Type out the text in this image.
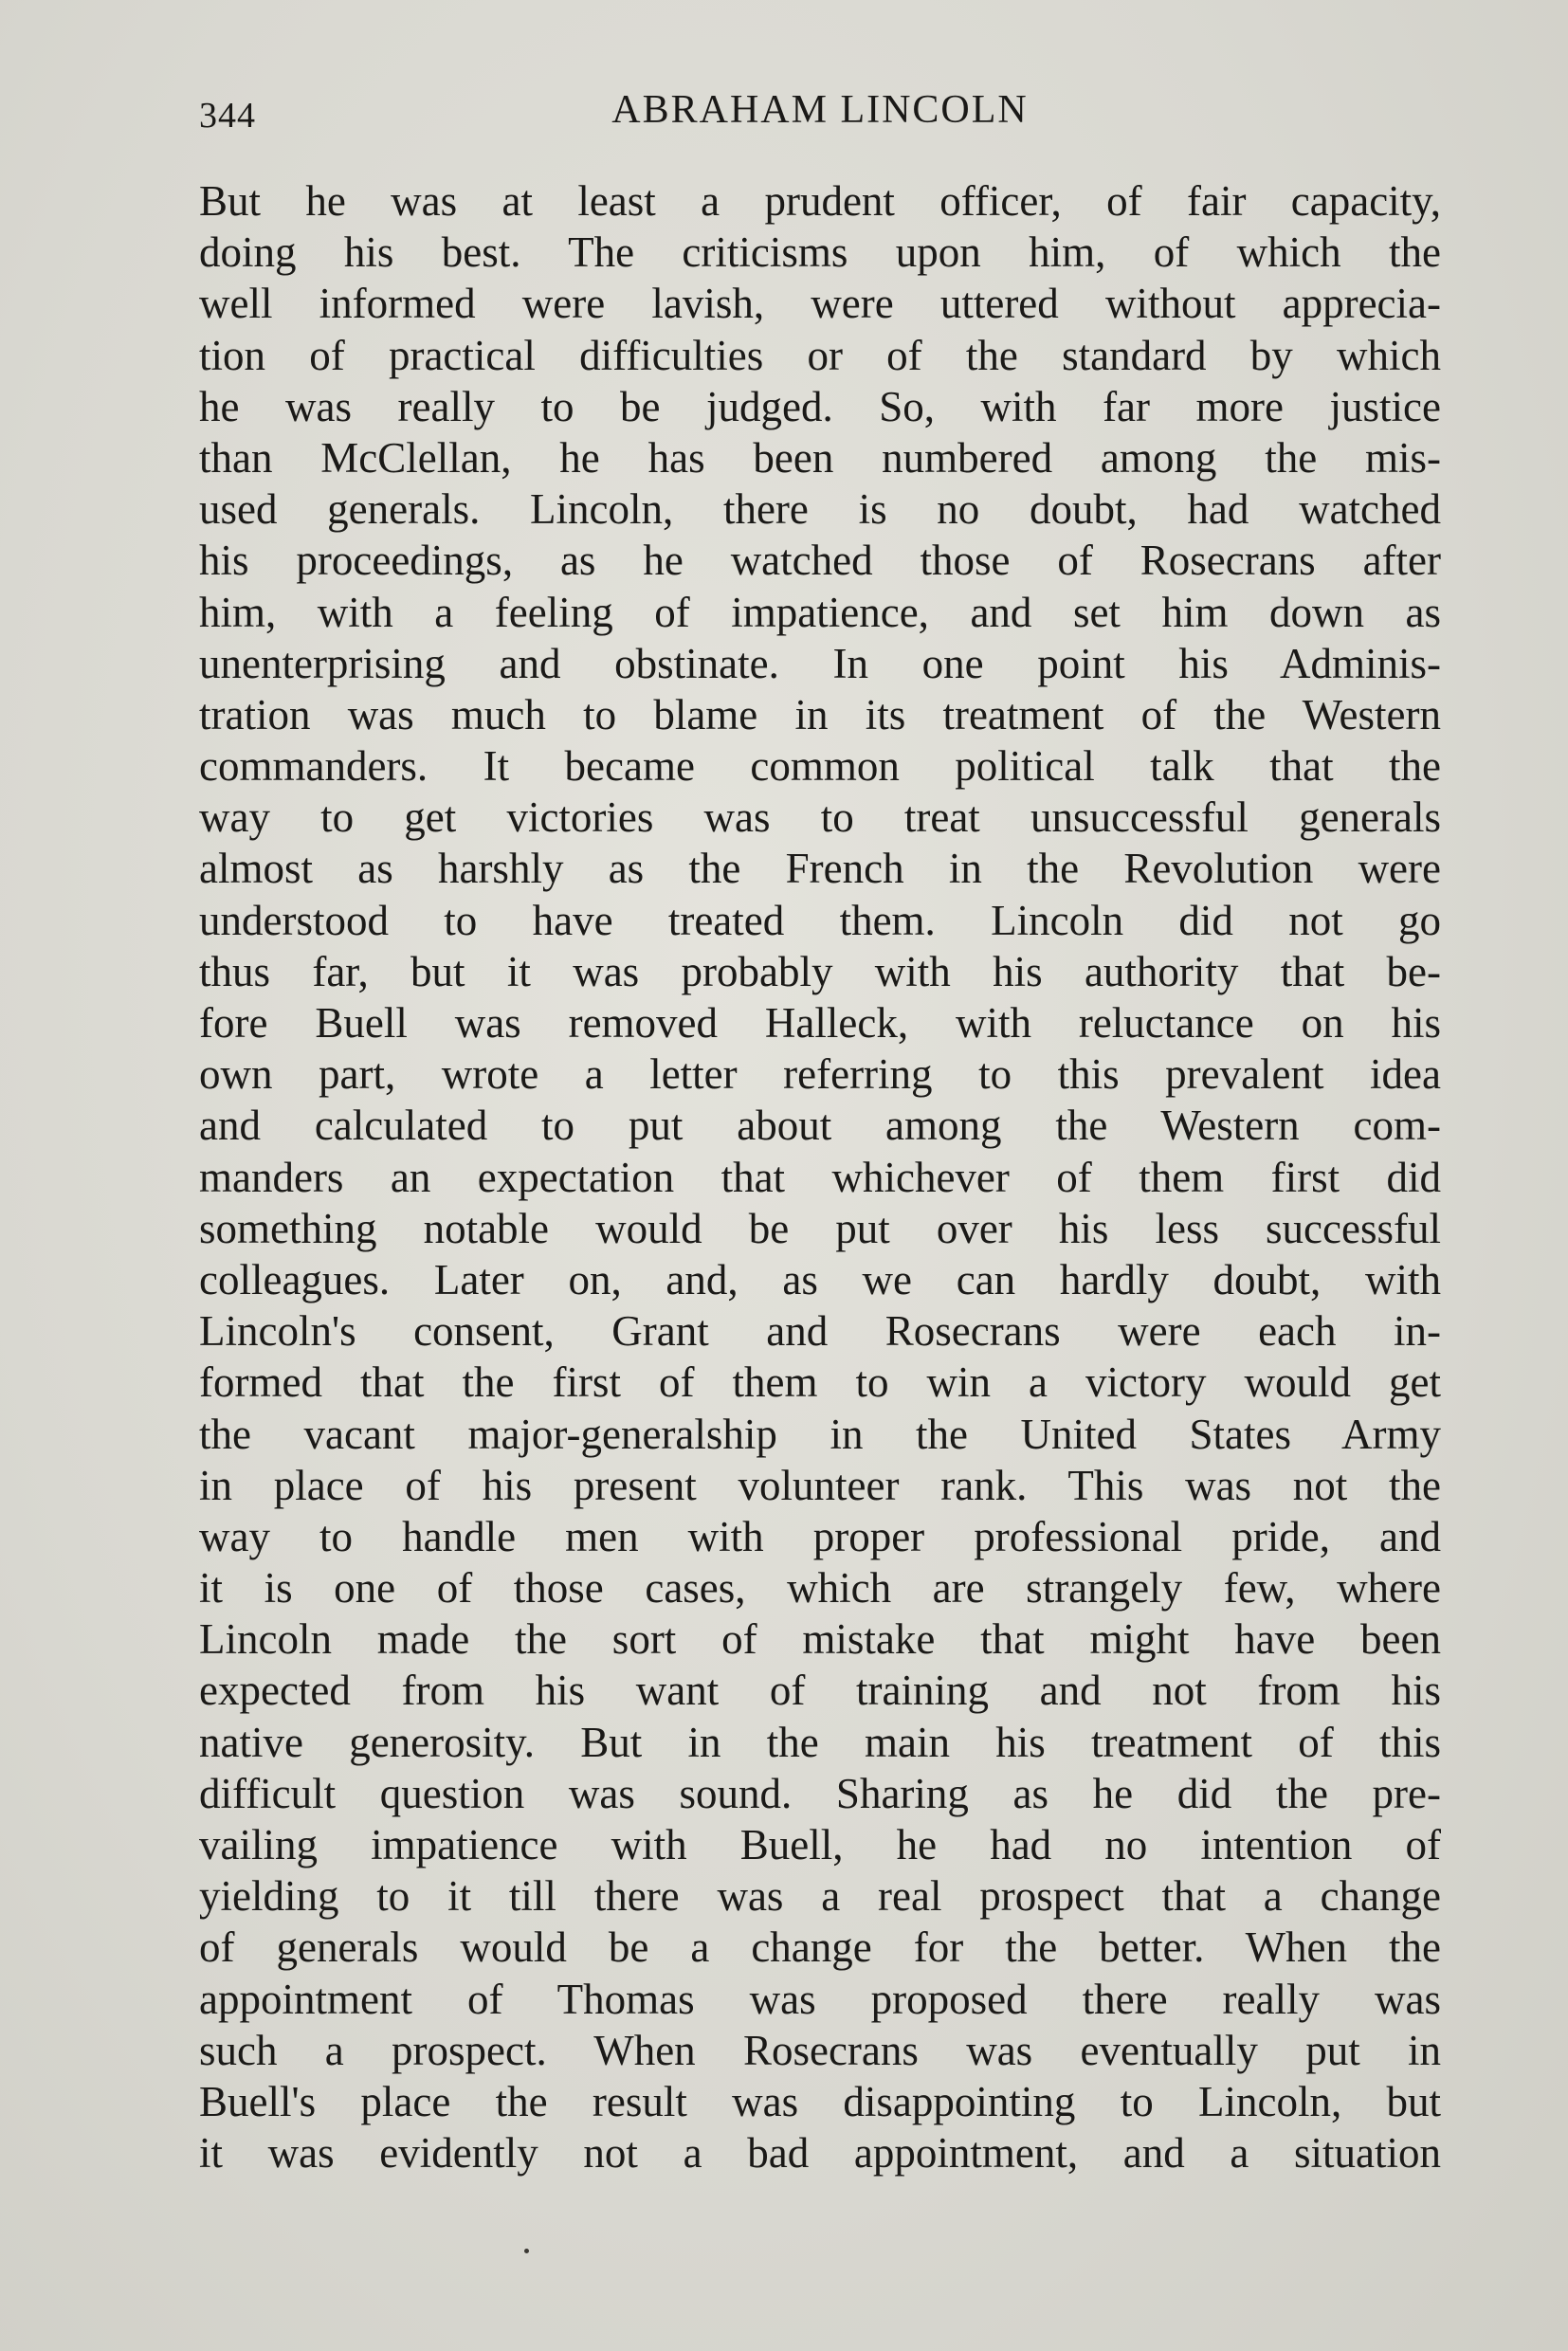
344	ABRAHAM LINCOLN
But he was at least a prudent officer, of fair capacity,
doing his best. The criticisms upon him, of which the
well informed were lavish, were uttered without apprecia-
tion of practical difficulties or of the standard by which
he was really to be judged. So, with far more justice
than McClellan, he has been numbered among the mis-
used generals. Lincoln, there is no doubt, had watched
his proceedings, as he watched those of Rosecrans after
him, with a feeling of impatience, and set him down as
unenterprising and obstinate. In one point his Adminis-
tration was much to blame in its treatment of the Western
commanders. It became common political talk that the
way to get victories was to treat unsuccessful generals
almost as harshly as the French in the Revolution were
understood to have treated them. Lincoln did not go
thus far, but it was probably with his authority that be-
fore Buell was removed Halleck, with reluctance on his
own part, wrote a letter referring to this prevalent idea
and calculated to put about among the Western com-
manders an expectation that whichever of them first did
something notable would be put over his less successful
colleagues. Later on, and, as we can hardly doubt, with
Lincoln's consent, Grant and Rosecrans were each in-
formed that the first of them to win a victory would get
the vacant major-generalship in the United States Army
in place of his present volunteer rank. This was not the
way to handle men with proper professional pride, and
it is one of those cases, which are strangely few, where
Lincoln made the sort of mistake that might have been
expected from his want of training and not from his
native generosity. But in the main his treatment of this
difficult question was sound. Sharing as he did the pre-
vailing impatience with Buell, he had no intention of
yielding to it till there was a real prospect that a change
of generals would be a change for the better. When the
appointment of Thomas was proposed there really was
such a prospect. When Rosecrans was eventually put in
Buell's place the result was disappointing to Lincoln, but
it was evidently not a bad appointment, and a situation
